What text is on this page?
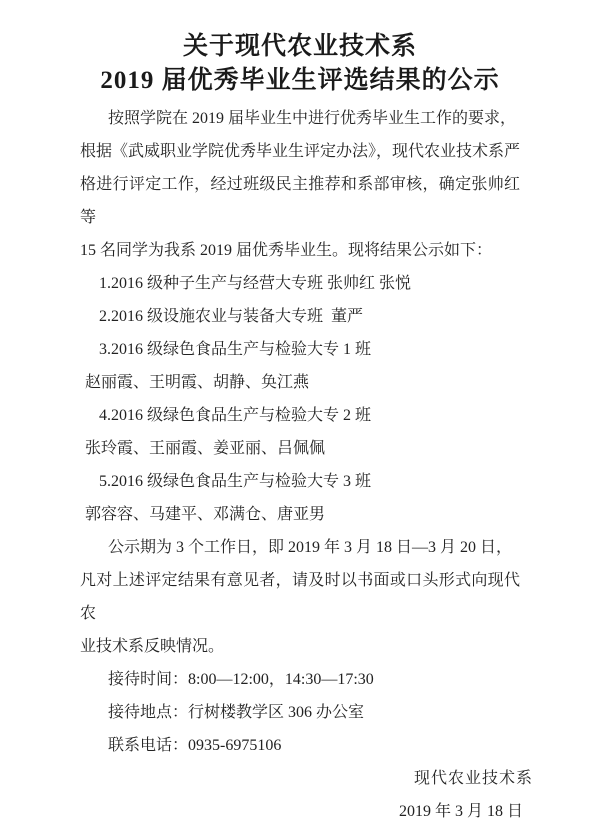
关于现代农业技术系
2019 届优秀毕业生评选结果的公示
按照学院在 2019 届毕业生中进行优秀毕业生工作的要求，
根据《武威职业学院优秀毕业生评定办法》，现代农业技术系严
格进行评定工作，经过班级民主推荐和系部审核，确定张帅红等
15 名同学为我系 2019 届优秀毕业生。现将结果公示如下：
1.2016 级种子生产与经营大专班 张帅红 张悦
2.2016 级设施农业与装备大专班  董严
3.2016 级绿色食品生产与检验大专 1 班
赵丽霞、王明霞、胡静、奂江燕
4.2016 级绿色食品生产与检验大专 2 班
张玲霞、王丽霞、姜亚丽、吕佩佩
5.2016 级绿色食品生产与检验大专 3 班
郭容容、马建平、邓满仓、唐亚男
公示期为 3 个工作日，即 2019 年 3 月 18 日—3 月 20 日，
凡对上述评定结果有意见者，请及时以书面或口头形式向现代农
业技术系反映情况。
接待时间：8:00—12:00，14:30—17:30
接待地点：行树楼教学区 306 办公室
联系电话：0935-6975106
现代农业技术系
2019 年 3 月 18 日
